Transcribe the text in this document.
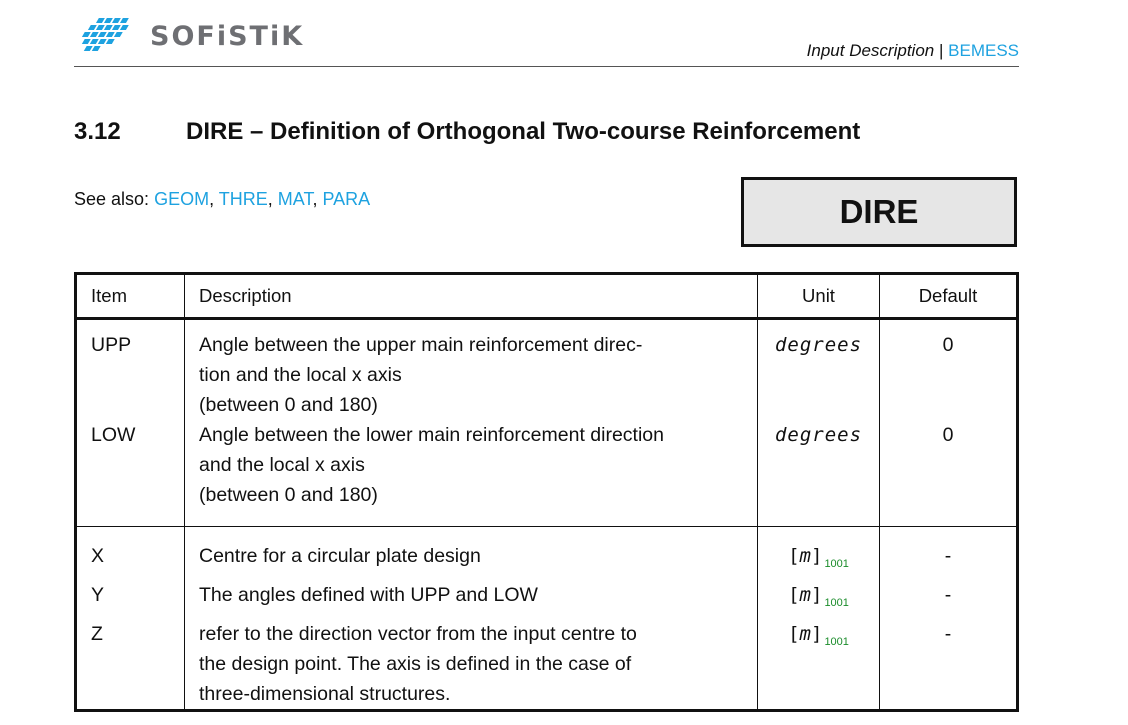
SOFiSTiK	Input Description | BEMESS
3.12	DIRE – Definition of Orthogonal Two-course Reinforcement
See also: GEOM, THRE, MAT, PARA	DIRE
Item	Description	Unit	Default
UPP	Angle between the upper main reinforcement direc-
tion and the local x axis
(between 0 and 180)	degrees	0
LOW	Angle between the lower main reinforcement direction
and the local x axis
(between 0 and 180)	degrees	0
X	Centre for a circular plate design	[m] $_{1001}$	-
Y	The angles defined with UPP and LOW	[m] $_{1001}$	-
Z	refer to the direction vector from the input centre to
the design point. The axis is defined in the case of
three-dimensional structures.	[m] $_{1001}$	-
